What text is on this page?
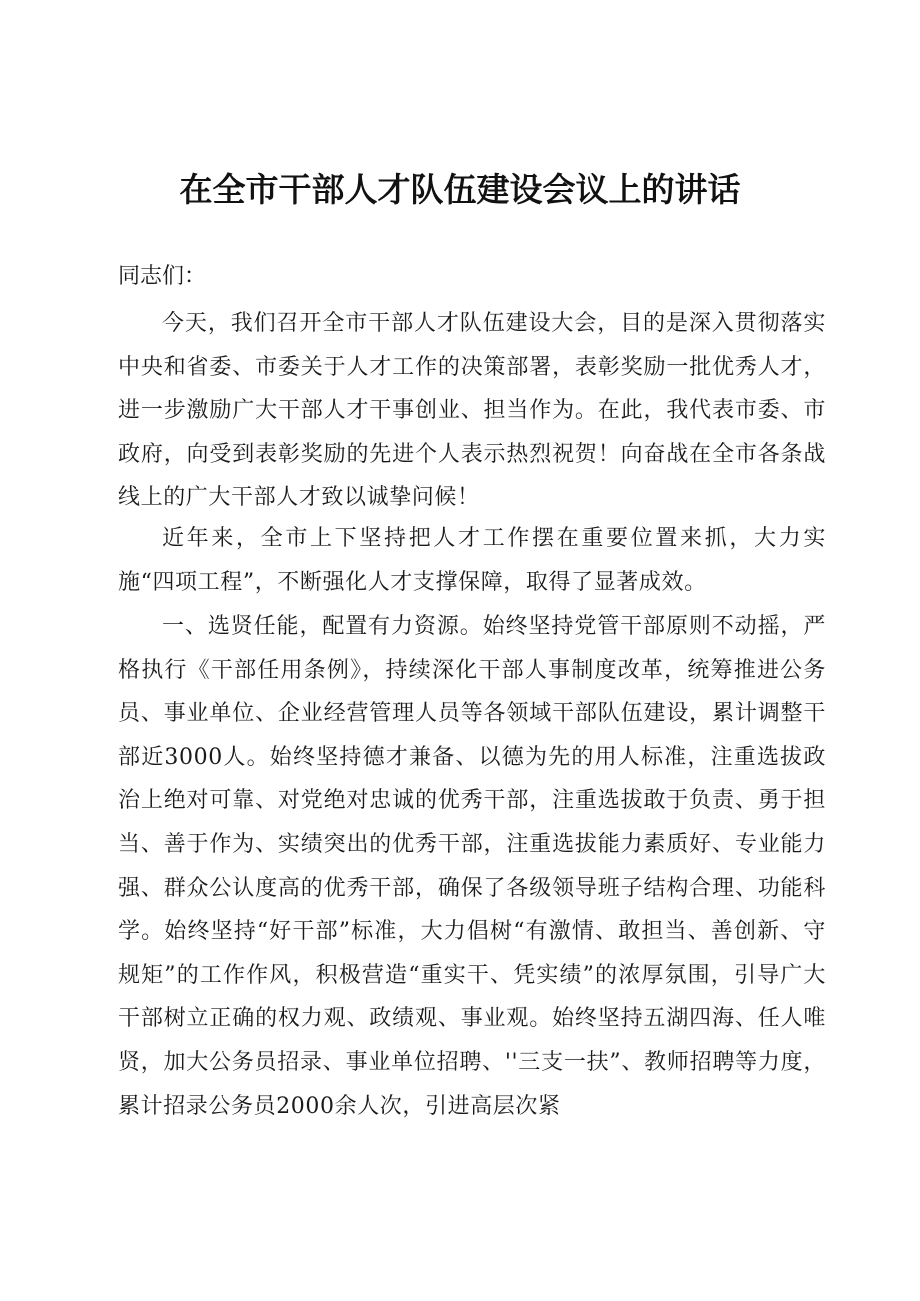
在全市干部人才队伍建设会议上的讲话

同志们：

今天，我们召开全市干部人才队伍建设大会，目的是深入贯彻落实中央和省委、市委关于人才工作的决策部署，表彰奖励一批优秀人才，进一步激励广大干部人才干事创业、担当作为。在此，我代表市委、市政府，向受到表彰奖励的先进个人表示热烈祝贺！向奋战在全市各条战线上的广大干部人才致以诚挚问候！

近年来，全市上下坚持把人才工作摆在重要位置来抓，大力实施“四项工程”，不断强化人才支撑保障，取得了显著成效。

一、选贤任能，配置有力资源。始终坚持党管干部原则不动摇，严格执行《干部任用条例》，持续深化干部人事制度改革，统筹推进公务员、事业单位、企业经营管理人员等各领域干部队伍建设，累计调整干部近3000人。始终坚持德才兼备、以德为先的用人标准，注重选拔政治上绝对可靠、对党绝对忠诚的优秀干部，注重选拔敢于负责、勇于担当、善于作为、实绩突出的优秀干部，注重选拔能力素质好、专业能力强、群众公认度高的优秀干部，确保了各级领导班子结构合理、功能科学。始终坚持“好干部”标准，大力倡树“有激情、敢担当、善创新、守规矩”的工作作风，积极营造“重实干、凭实绩”的浓厚氛围，引导广大干部树立正确的权力观、政绩观、事业观。始终坚持五湖四海、任人唯贤，加大公务员招录、事业单位招聘、''三支一扶”、教师招聘等力度，累计招录公务员2000余人次，引进高层次紧
